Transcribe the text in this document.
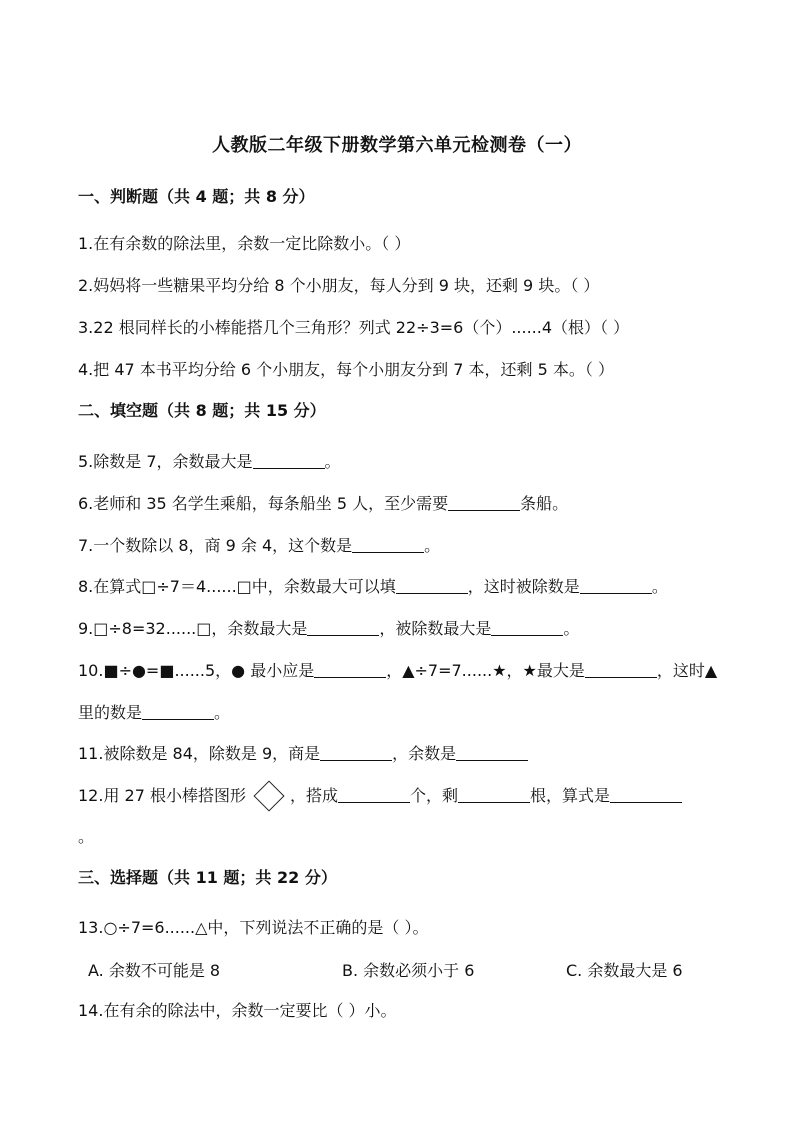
人教版二年级下册数学第六单元检测卷（一）
一、判断题（共 4 题；共 8 分）
1.在有余数的除法里，余数一定比除数小。（ ）
2.妈妈将一些糖果平均分给 8 个小朋友，每人分到 9 块，还剩 9 块。（ ）
3.22 根同样长的小棒能搭几个三角形？列式 22÷3=6（个）......4（根）（ ）
4.把 47 本书平均分给 6 个小朋友，每个小朋友分到 7 本，还剩 5 本。（ ）
二、填空题（共 8 题；共 15 分）
5.除数是 7，余数最大是	。
6.老师和 35 名学生乘船，每条船坐 5 人，至少需要	条船。
7.一个数除以 8，商 9 余 4，这个数是	。
8.在算式□÷7＝4......□中，余数最大可以填	，这时被除数是	。
9.□÷8=32......□，余数最大是	，被除数最大是	。
10.■÷●=■......5，● 最小应是	，▲÷7=7......★，★最大是	，这时▲
里的数是	。
11.被除数是 84，除数是 9，商是	，余数是
12.用 27 根小棒搭图形	，搭成	个，剩	根，算式是
。
三、选择题（共 11 题；共 22 分）
13.○÷7=6......△中，下列说法不正确的是（ ）。
A. 余数不可能是 8	B. 余数必须小于 6	C. 余数最大是 6
14.在有余的除法中，余数一定要比（ ）小。
